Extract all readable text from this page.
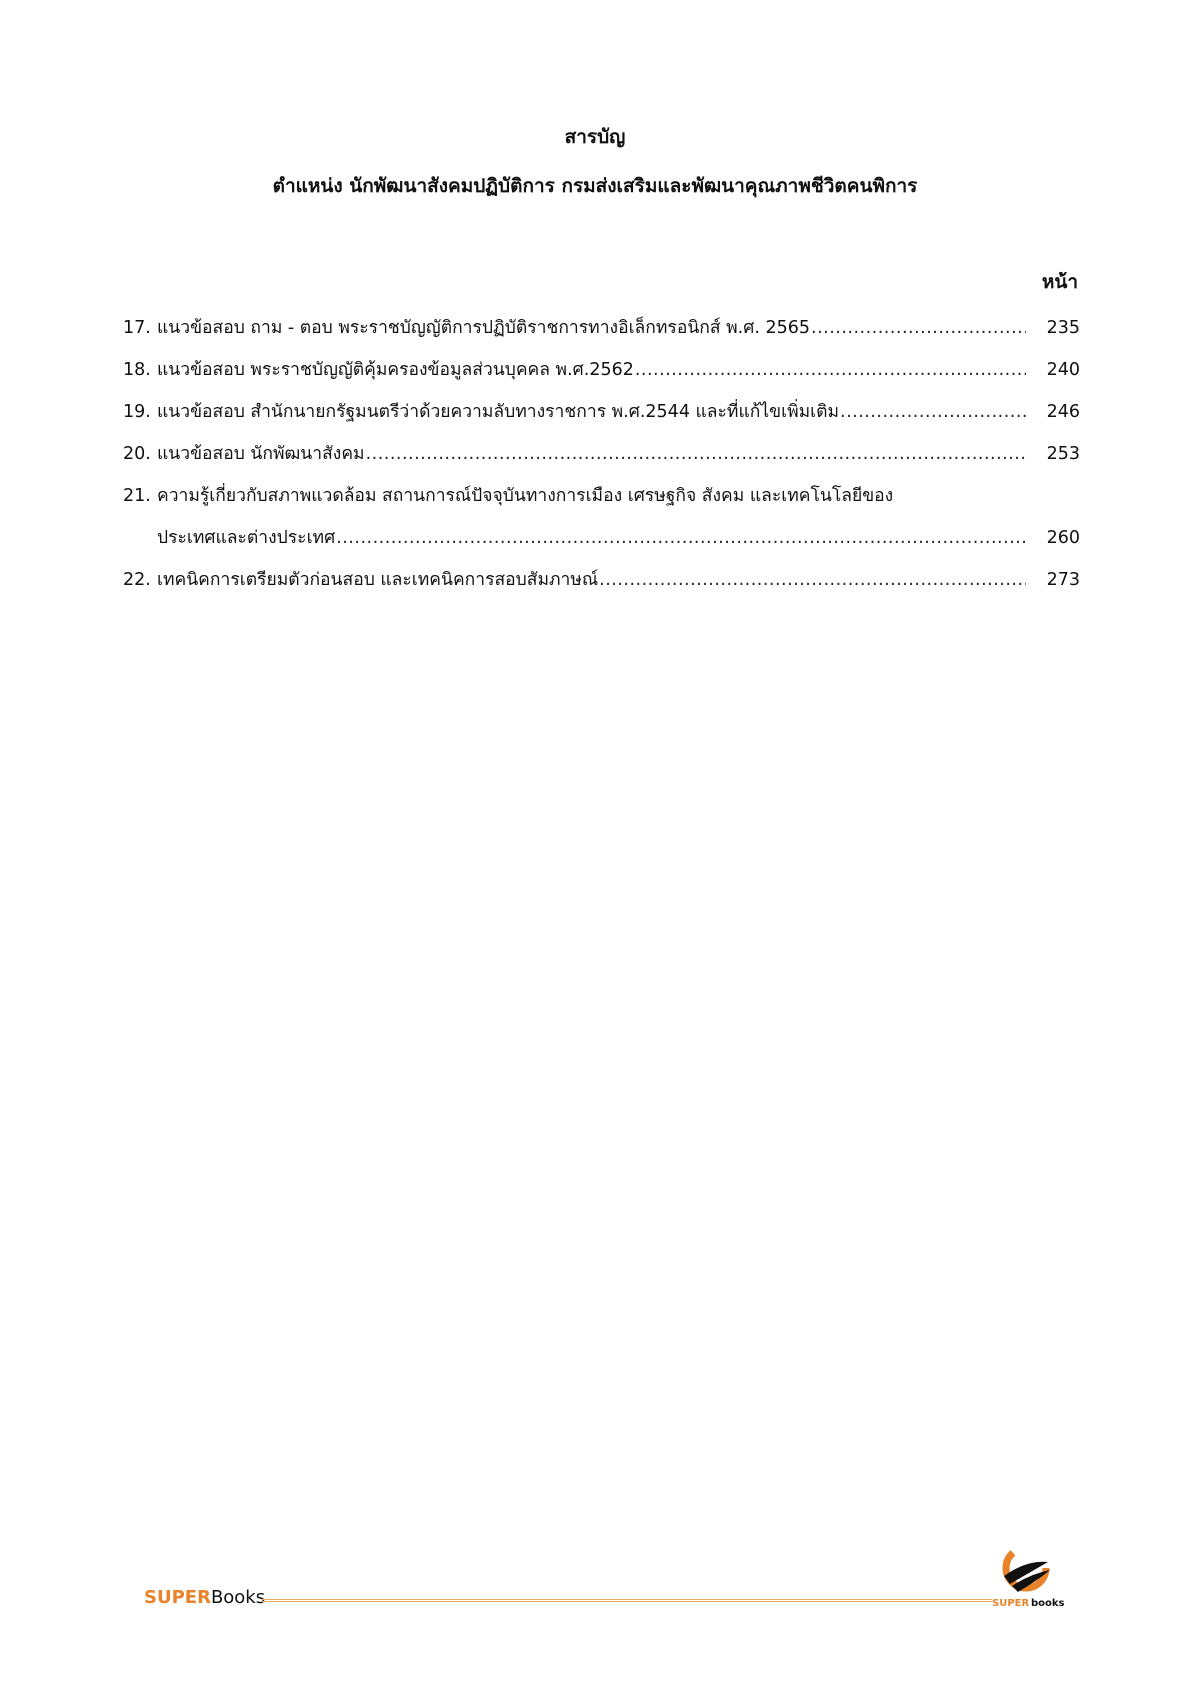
สารบัญ
ตำแหน่ง นักพัฒนาสังคมปฏิบัติการ กรมส่งเสริมและพัฒนาคุณภาพชีวิตคนพิการ
หน้า
17. แนวข้อสอบ ถาม - ตอบ พระราชบัญญัติการปฏิบัติราชการทางอิเล็กทรอนิกส์ พ.ศ. 2565 .....	235
18. แนวข้อสอบ พระราชบัญญัติคุ้มครองข้อมูลส่วนบุคคล พ.ศ.2562 .....	240
19. แนวข้อสอบ สำนักนายกรัฐมนตรีว่าด้วยความลับทางราชการ พ.ศ.2544 และที่แก้ไขเพิ่มเติม .....	246
20. แนวข้อสอบ นักพัฒนาสังคม .....	253
21. ความรู้เกี่ยวกับสภาพแวดล้อม สถานการณ์ปัจจุบันทางการเมือง เศรษฐกิจ สังคม และเทคโนโลยีของ
ประเทศและต่างประเทศ .....	260
22. เทคนิคการเตรียมตัวก่อนสอบ และเทคนิคการสอบสัมภาษณ์ .....	273
SUPERBooks	SUPER books
